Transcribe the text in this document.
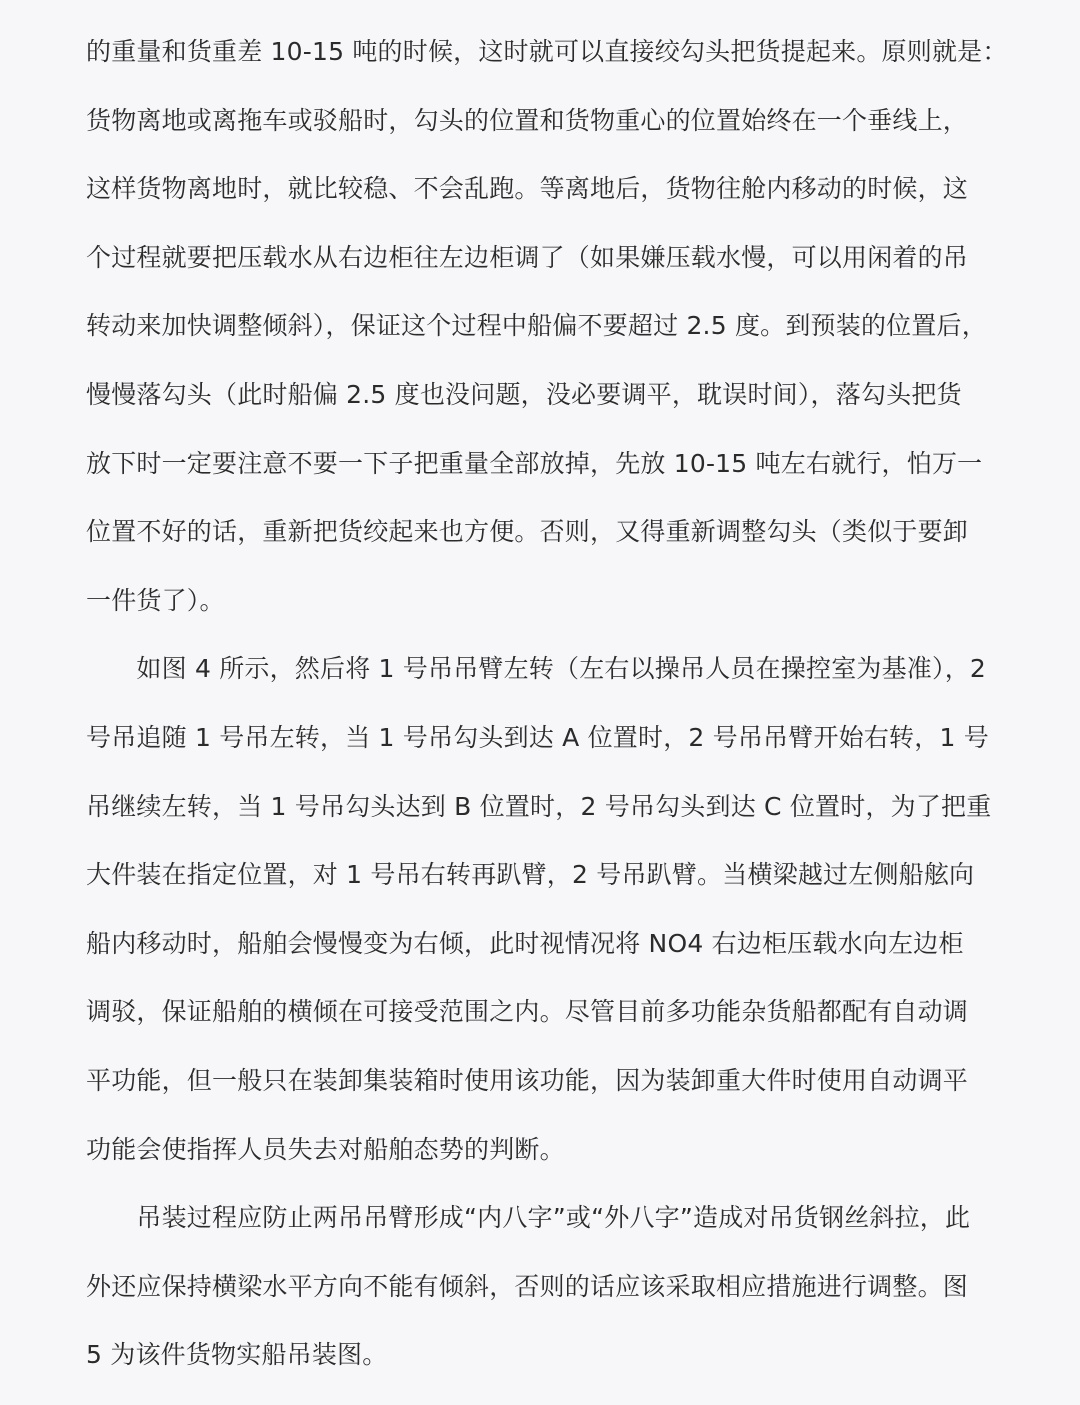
的重量和货重差 10-15 吨的时候，这时就可以直接绞勾头把货提起来。原则就是：
货物离地或离拖车或驳船时，勾头的位置和货物重心的位置始终在一个垂线上，
这样货物离地时，就比较稳、不会乱跑。等离地后，货物往舱内移动的时候，这
个过程就要把压载水从右边柜往左边柜调了（如果嫌压载水慢，可以用闲着的吊
转动来加快调整倾斜），保证这个过程中船偏不要超过 2.5 度。到预装的位置后，
慢慢落勾头（此时船偏 2.5 度也没问题，没必要调平，耽误时间），落勾头把货
放下时一定要注意不要一下子把重量全部放掉，先放 10-15 吨左右就行，怕万一
位置不好的话，重新把货绞起来也方便。否则，又得重新调整勾头（类似于要卸
一件货了）。
　　如图 4 所示，然后将 1 号吊吊臂左转（左右以操吊人员在操控室为基准），2
号吊追随 1 号吊左转，当 1 号吊勾头到达 A 位置时，2 号吊吊臂开始右转，1 号
吊继续左转，当 1 号吊勾头达到 B 位置时，2 号吊勾头到达 C 位置时，为了把重
大件装在指定位置，对 1 号吊右转再趴臂，2 号吊趴臂。当横梁越过左侧船舷向
船内移动时，船舶会慢慢变为右倾，此时视情况将 NO4 右边柜压载水向左边柜
调驳，保证船舶的横倾在可接受范围之内。尽管目前多功能杂货船都配有自动调
平功能，但一般只在装卸集装箱时使用该功能，因为装卸重大件时使用自动调平
功能会使指挥人员失去对船舶态势的判断。
　　吊装过程应防止两吊吊臂形成“内八字”或“外八字”造成对吊货钢丝斜拉，此
外还应保持横梁水平方向不能有倾斜，否则的话应该采取相应措施进行调整。图
5 为该件货物实船吊装图。
